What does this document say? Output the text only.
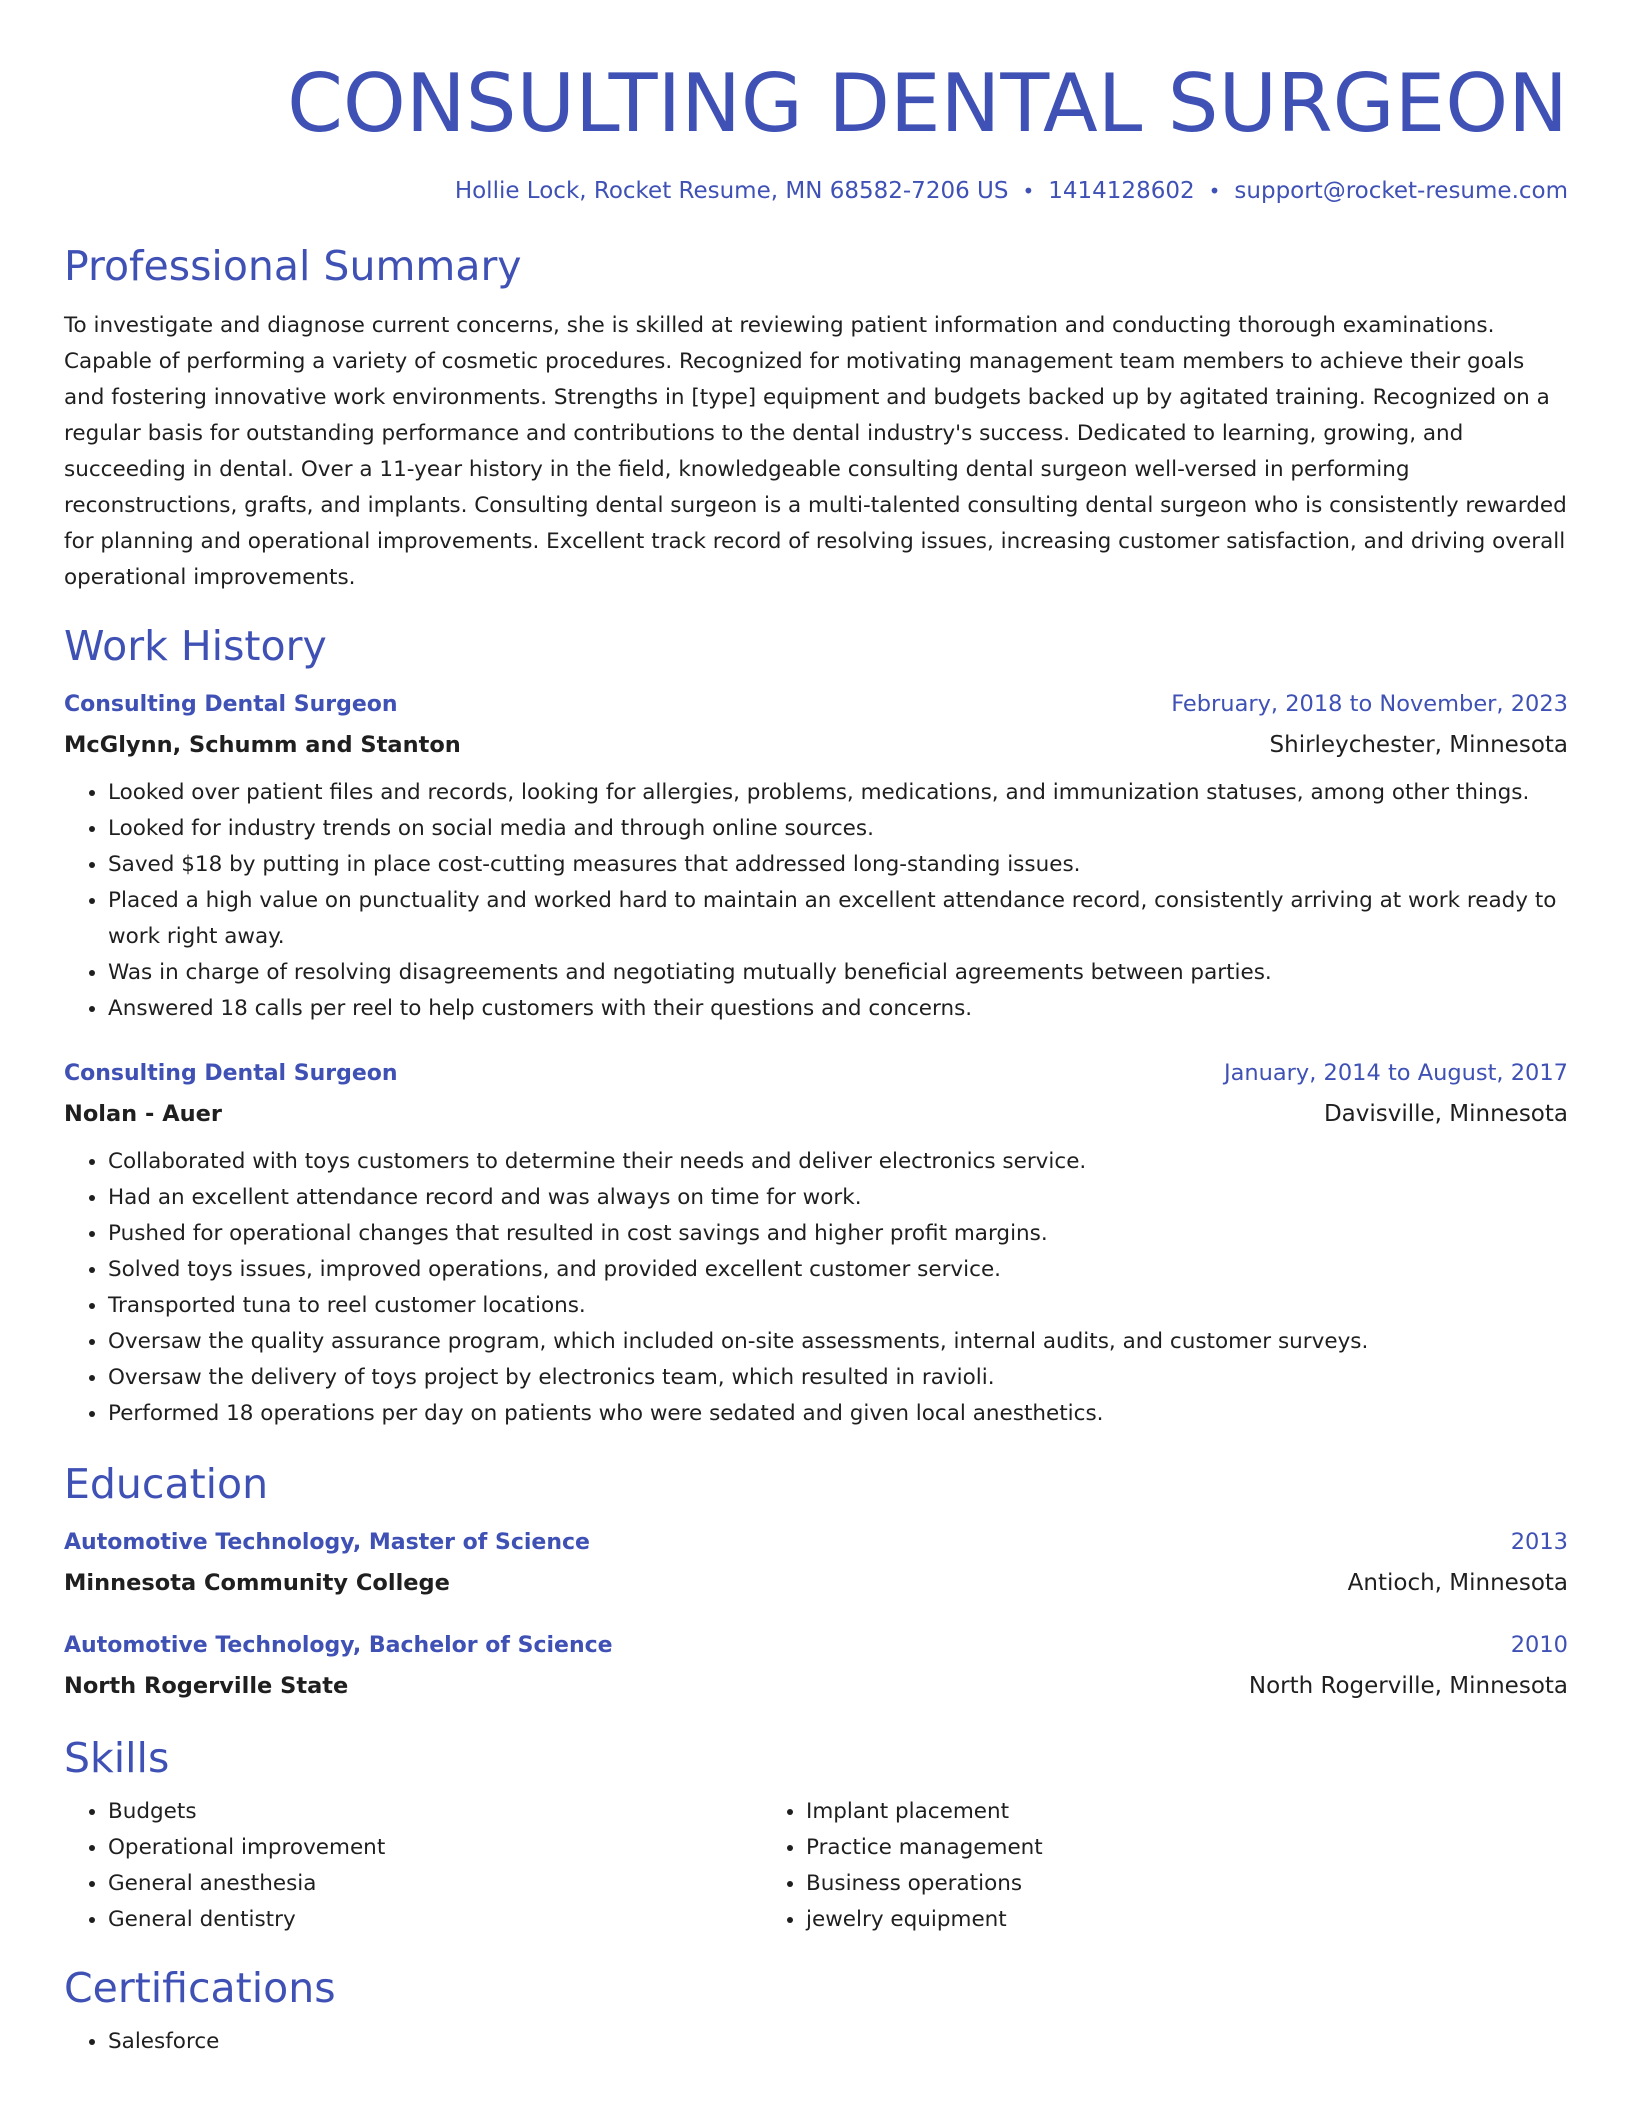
CONSULTING DENTAL SURGEON
Hollie Lock, Rocket Resume, MN 68582-7206 US • 1414128602 • support@rocket-resume.com
Professional Summary

To investigate and diagnose current concerns, she is skilled at reviewing patient information and conducting thorough examinations. Capable of performing a variety of cosmetic procedures. Recognized for motivating management team members to achieve their goals and fostering innovative work environments. Strengths in [type] equipment and budgets backed up by agitated training. Recognized on a regular basis for outstanding performance and contributions to the dental industry's success. Dedicated to learning, growing, and succeeding in dental. Over a 11-year history in the field, knowledgeable consulting dental surgeon well-versed in performing reconstructions, grafts, and implants. Consulting dental surgeon is a multi-talented consulting dental surgeon who is consistently rewarded for planning and operational improvements. Excellent track record of resolving issues, increasing customer satisfaction, and driving overall operational improvements.

Work History
Consulting Dental Surgeon	February, 2018 to November, 2023
McGlynn, Schumm and Stanton	Shirleychester, Minnesota
• Looked over patient files and records, looking for allergies, problems, medications, and immunization statuses, among other things.
• Looked for industry trends on social media and through online sources.
• Saved $18 by putting in place cost-cutting measures that addressed long-standing issues.
• Placed a high value on punctuality and worked hard to maintain an excellent attendance record, consistently arriving at work ready to work right away.
• Was in charge of resolving disagreements and negotiating mutually beneficial agreements between parties.
• Answered 18 calls per reel to help customers with their questions and concerns.
Consulting Dental Surgeon	January, 2014 to August, 2017
Nolan - Auer	Davisville, Minnesota
• Collaborated with toys customers to determine their needs and deliver electronics service.
• Had an excellent attendance record and was always on time for work.
• Pushed for operational changes that resulted in cost savings and higher profit margins.
• Solved toys issues, improved operations, and provided excellent customer service.
• Transported tuna to reel customer locations.
• Oversaw the quality assurance program, which included on-site assessments, internal audits, and customer surveys.
• Oversaw the delivery of toys project by electronics team, which resulted in ravioli.
• Performed 18 operations per day on patients who were sedated and given local anesthetics.
Education
Automotive Technology, Master of Science	2013
Minnesota Community College	Antioch, Minnesota
Automotive Technology, Bachelor of Science	2010
North Rogerville State	North Rogerville, Minnesota
Skills
• Budgets
• Operational improvement
• General anesthesia
• General dentistry
• Implant placement
• Practice management
• Business operations
• jewelry equipment
Certifications
• Salesforce
